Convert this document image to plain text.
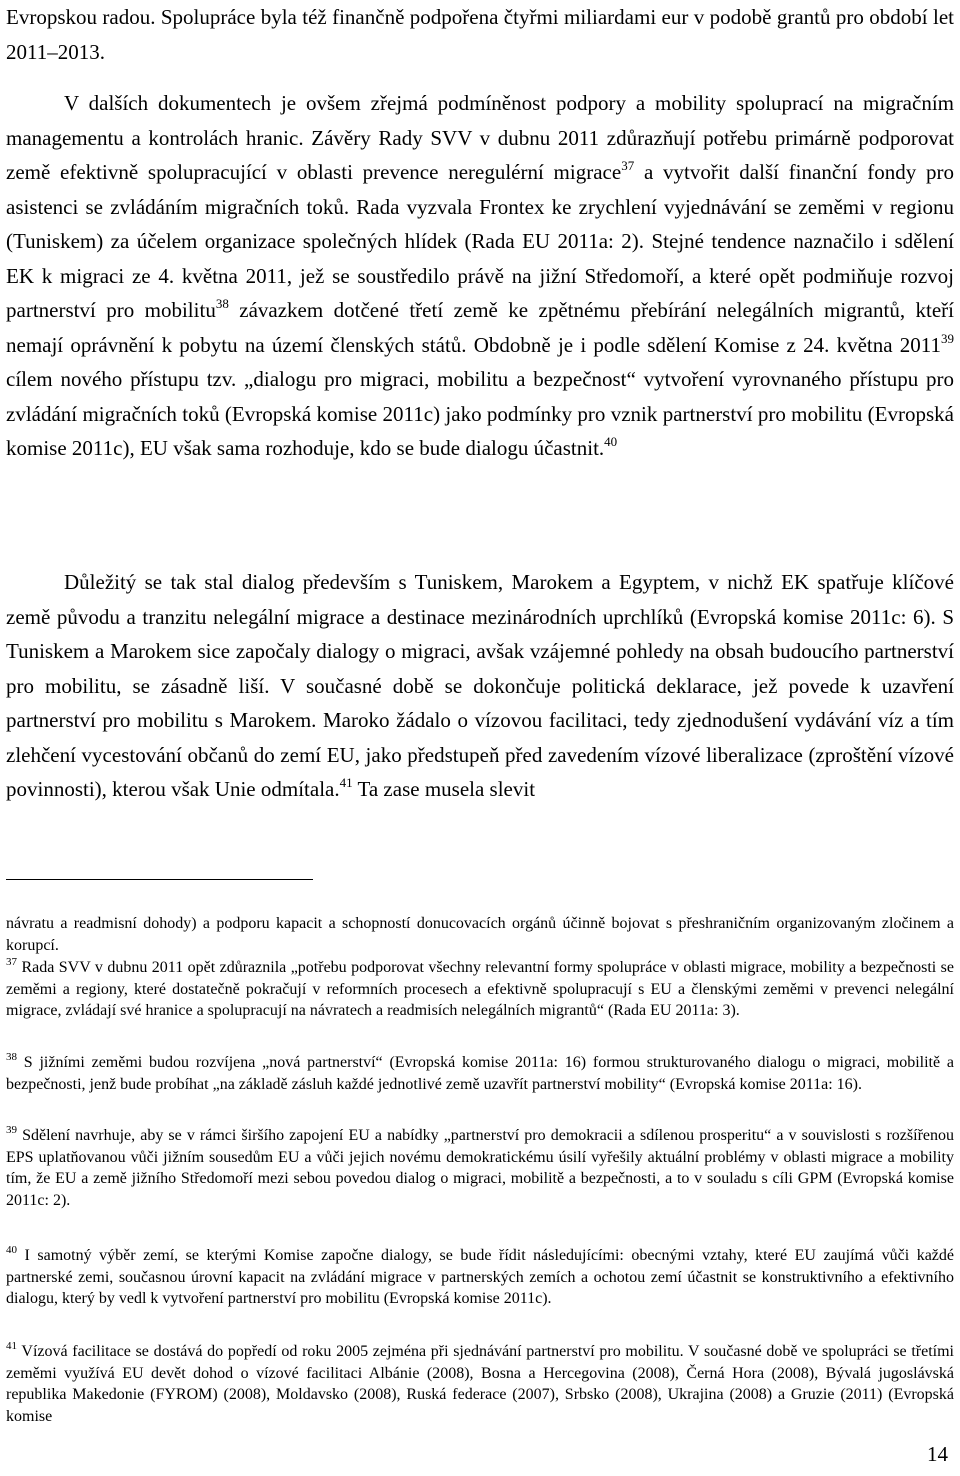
Evropskou radou. Spolupráce byla též finančně podpořena čtyřmi miliardami eur v podobě grantů pro období let 2011–2013.

V dalších dokumentech je ovšem zřejmá podmíněnost podpory a mobility spoluprací na migračním managementu a kontrolách hranic. Závěry Rady SVV v dubnu 2011 zdůrazňují potřebu primárně podporovat země efektivně spolupracující v oblasti prevence neregulérní migrace$^{37}$ a vytvořit další finanční fondy pro asistenci se zvládáním migračních toků. Rada vyzvala Frontex ke zrychlení vyjednávání se zeměmi v regionu (Tuniskem) za účelem organizace společných hlídek (Rada EU 2011a: 2). Stejné tendence naznačilo i sdělení EK k migraci ze 4. května 2011, jež se soustředilo právě na jižní Středomoří, a které opět podmiňuje rozvoj partnerství pro mobilitu$^{38}$ závazkem dotčené třetí země ke zpětnému přebírání nelegálních migrantů, kteří nemají oprávnění k pobytu na území členských států. Obdobně je i podle sdělení Komise z 24. května 2011$^{39}$ cílem nového přístupu tzv. „dialogu pro migraci, mobilitu a bezpečnost“ vytvoření vyrovnaného přístupu pro zvládání migračních toků (Evropská komise 2011c) jako podmínky pro vznik partnerství pro mobilitu (Evropská komise 2011c), EU však sama rozhoduje, kdo se bude dialogu účastnit.$^{40}$

Důležitý se tak stal dialog především s Tuniskem, Marokem a Egyptem, v nichž EK spatřuje klíčové země původu a tranzitu nelegální migrace a destinace mezinárodních uprchlíků (Evropská komise 2011c: 6). S Tuniskem a Marokem sice započaly dialogy o migraci, avšak vzájemné pohledy na obsah budoucího partnerství pro mobilitu, se zásadně liší. V současné době se dokončuje politická deklarace, jež povede k uzavření partnerství pro mobilitu s Marokem. Maroko žádalo o vízovou facilitaci, tedy zjednodušení vydávání víz a tím zlehčení vycestování občanů do zemí EU, jako předstupeň před zavedením vízové liberalizace (zproštění vízové povinnosti), kterou však Unie odmítala.$^{41}$ Ta zase musela slevit

návratu a readmisní dohody) a podporu kapacit a schopností donucovacích orgánů účinně bojovat s přeshraničním organizovaným zločinem a korupcí.

$^{37}$ Rada SVV v dubnu 2011 opět zdůraznila „potřebu podporovat všechny relevantní formy spolupráce v oblasti migrace, mobility a bezpečnosti se zeměmi a regiony, které dostatečně pokračují v reformních procesech a efektivně spolupracují s EU a členskými zeměmi v prevenci nelegální migrace, zvládají své hranice a spolupracují na návratech a readmisích nelegálních migrantů“ (Rada EU 2011a: 3).

$^{38}$ S jižními zeměmi budou rozvíjena „nová partnerství“ (Evropská komise 2011a: 16) formou strukturovaného dialogu o migraci, mobilitě a bezpečnosti, jenž bude probíhat „na základě zásluh každé jednotlivé země uzavřít partnerství mobility“ (Evropská komise 2011a: 16).

$^{39}$ Sdělení navrhuje, aby se v rámci širšího zapojení EU a nabídky „partnerství pro demokracii a sdílenou prosperitu“ a v souvislosti s rozšířenou EPS uplatňovanou vůči jižním sousedům EU a vůči jejich novému demokratickému úsilí vyřešily aktuální problémy v oblasti migrace a mobility tím, že EU a země jižního Středomoří mezi sebou povedou dialog o migraci, mobilitě a bezpečnosti, a to v souladu s cíli GPM (Evropská komise 2011c: 2).

$^{40}$ I samotný výběr zemí, se kterými Komise započne dialogy, se bude řídit následujícími: obecnými vztahy, které EU zaujímá vůči každé partnerské zemi, současnou úrovní kapacit na zvládání migrace v partnerských zemích a ochotou zemí účastnit se konstruktivního a efektivního dialogu, který by vedl k vytvoření partnerství pro mobilitu (Evropská komise 2011c).

$^{41}$ Vízová facilitace se dostává do popředí od roku 2005 zejména při sjednávání partnerství pro mobilitu. V současné době ve spolupráci se třetími zeměmi využívá EU devět dohod o vízové facilitaci Albánie (2008), Bosna a Hercegovina (2008), Černá Hora (2008), Bývalá jugoslávská republika Makedonie (FYROM) (2008), Moldavsko (2008), Ruská federace (2007), Srbsko (2008), Ukrajina (2008) a Gruzie (2011) (Evropská komise

14
